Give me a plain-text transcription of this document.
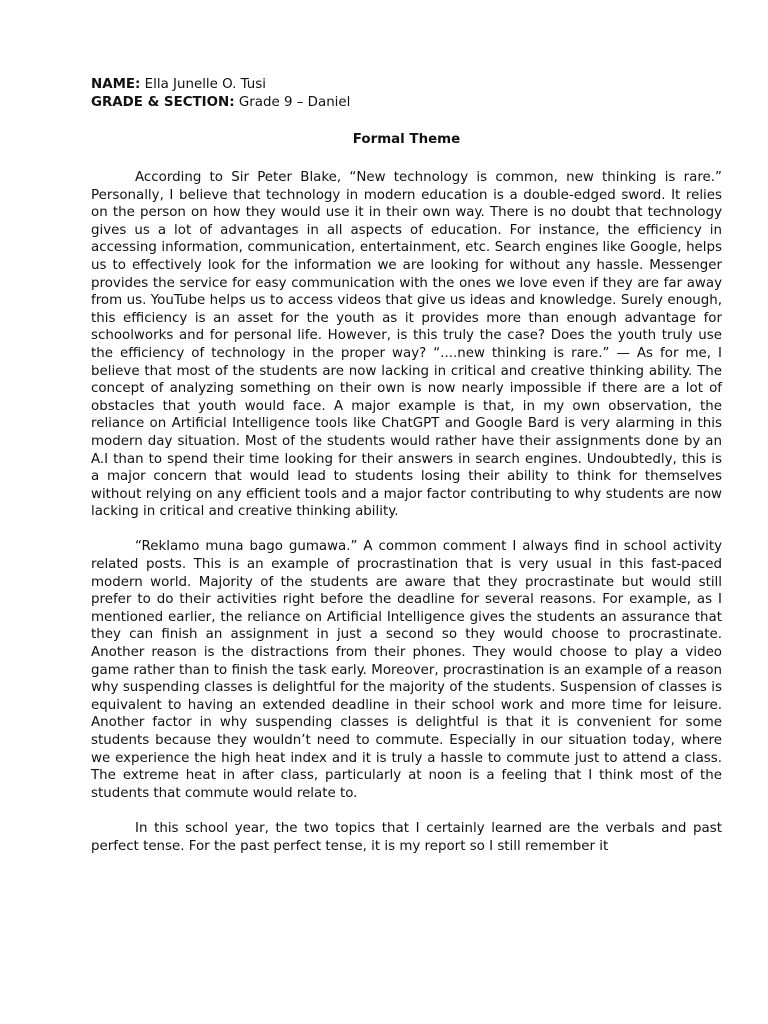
NAME: Ella Junelle O. Tusi
GRADE & SECTION: Grade 9 – Daniel
Formal Theme

According to Sir Peter Blake, “New technology is common, new thinking is rare.” Personally, I believe that technology in modern education is a double-edged sword. It relies on the person on how they would use it in their own way. There is no doubt that technology gives us a lot of advantages in all aspects of education. For instance, the efficiency in accessing information, communication, entertainment, etc. Search engines like Google, helps us to effectively look for the information we are looking for without any hassle. Messenger provides the service for easy communication with the ones we love even if they are far away from us. YouTube helps us to access videos that give us ideas and knowledge. Surely enough, this efficiency is an asset for the youth as it provides more than enough advantage for schoolworks and for personal life. However, is this truly the case? Does the youth truly use the efficiency of technology in the proper way? “....new thinking is rare.” — As for me, I believe that most of the students are now lacking in critical and creative thinking ability. The concept of analyzing something on their own is now nearly impossible if there are a lot of obstacles that youth would face. A major example is that, in my own observation, the reliance on Artificial Intelligence tools like ChatGPT and Google Bard is very alarming in this modern day situation. Most of the students would rather have their assignments done by an A.I than to spend their time looking for their answers in search engines. Undoubtedly, this is a major concern that would lead to students losing their ability to think for themselves without relying on any efficient tools and a major factor contributing to why students are now lacking in critical and creative thinking ability.

“Reklamo muna bago gumawa.” A common comment I always find in school activity related posts. This is an example of procrastination that is very usual in this fast-paced modern world. Majority of the students are aware that they procrastinate but would still prefer to do their activities right before the deadline for several reasons. For example, as I mentioned earlier, the reliance on Artificial Intelligence gives the students an assurance that they can finish an assignment in just a second so they would choose to procrastinate. Another reason is the distractions from their phones. They would choose to play a video game rather than to finish the task early. Moreover, procrastination is an example of a reason why suspending classes is delightful for the majority of the students. Suspension of classes is equivalent to having an extended deadline in their school work and more time for leisure. Another factor in why suspending classes is delightful is that it is convenient for some students because they wouldn’t need to commute. Especially in our situation today, where we experience the high heat index and it is truly a hassle to commute just to attend a class. The extreme heat in after class, particularly at noon is a feeling that I think most of the students that commute would relate to.

In this school year, the two topics that I certainly learned are the verbals and past perfect tense. For the past perfect tense, it is my report so I still remember it
